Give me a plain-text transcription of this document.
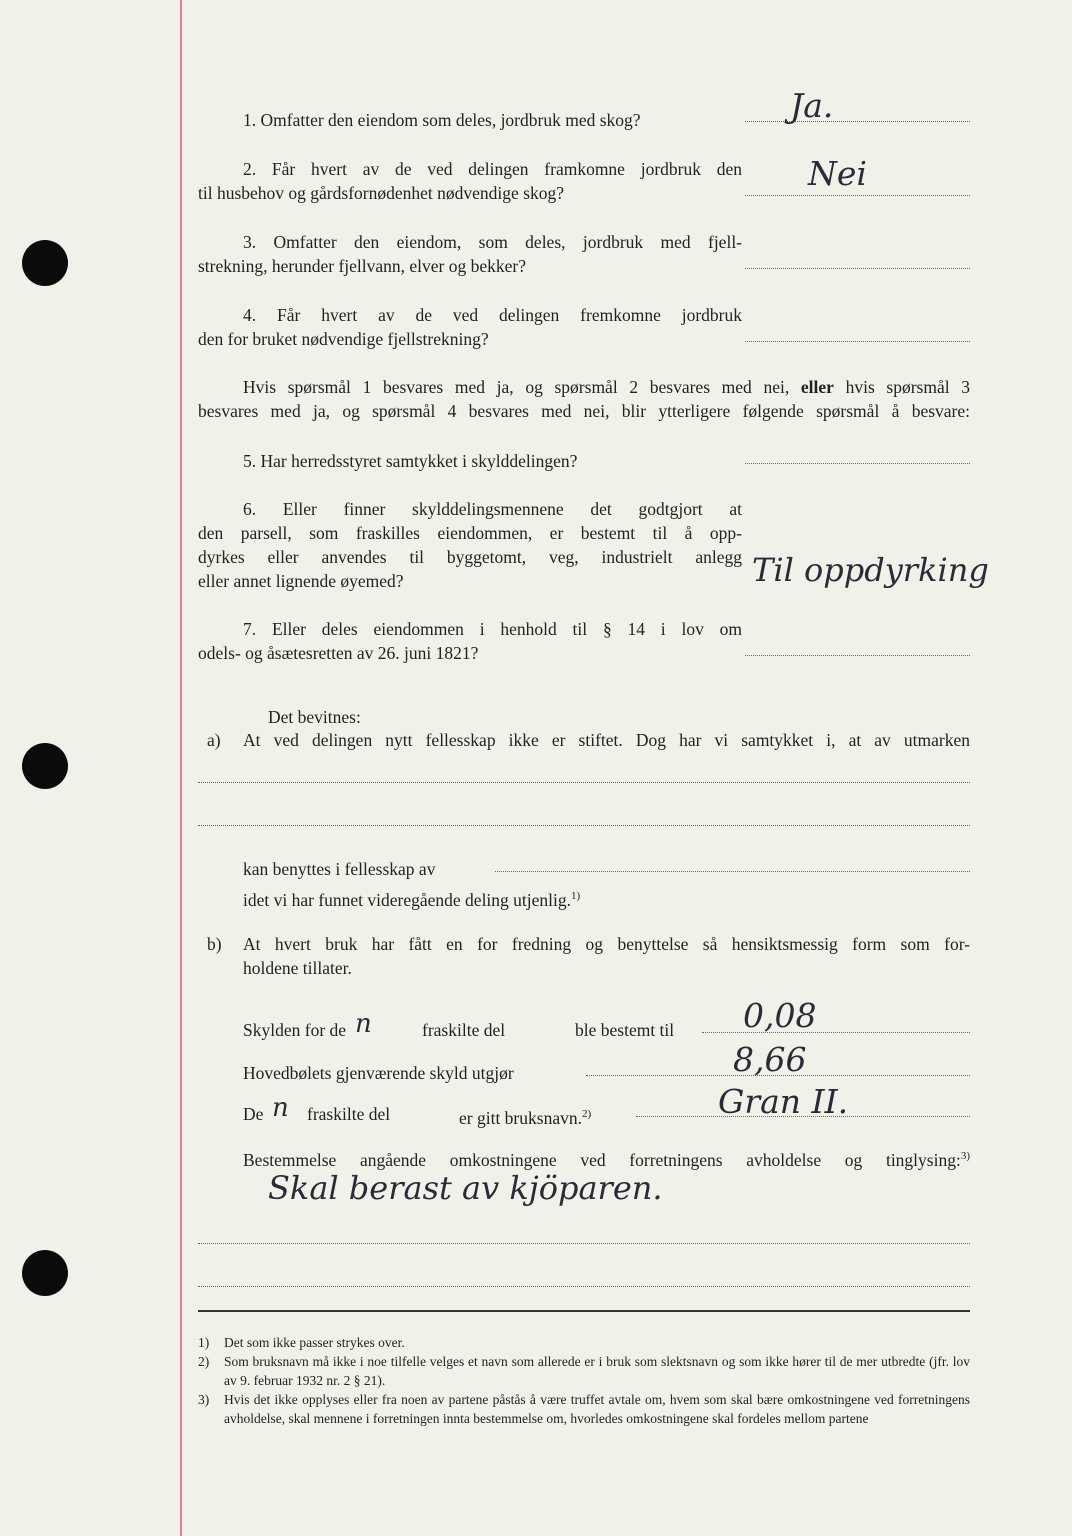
1. Omfatter den eiendom som deles, jordbruk med skog?	Ja.
2. Får hvert av de ved delingen framkomne jordbruk den
til husbehov og gårdsfornødenhet nødvendige skog?	Nei
3. Omfatter den eiendom, som deles, jordbruk med fjell-
strekning, herunder fjellvann, elver og bekker?
4. Får hvert av de ved delingen fremkomne jordbruk
den for bruket nødvendige fjellstrekning?
Hvis spørsmål 1 besvares med ja, og spørsmål 2 besvares med nei, eller hvis spørsmål 3
besvares med ja, og spørsmål 4 besvares med nei, blir ytterligere følgende spørsmål å besvare:
5. Har herredsstyret samtykket i skylddelingen?
6. Eller finner skylddelingsmennene det godtgjort at
den parsell, som fraskilles eiendommen, er bestemt til å opp-
dyrkes eller anvendes til byggetomt, veg, industrielt anlegg
eller annet lignende øyemed?	Til oppdyrking
7. Eller deles eiendommen i henhold til § 14 i lov om
odels- og åsætesretten av 26. juni 1821?
Det bevitnes:
a) At ved delingen nytt fellesskap ikke er stiftet. Dog har vi samtykket i, at av utmarken
kan benyttes i fellesskap av
idet vi har funnet videregående deling utjenlig.$^{1)}$
b) At hvert bruk har fått en for fredning og benyttelse så hensiktsmessig form som for-
holdene tillater.
Skylden for de n	fraskilte del	ble bestemt til 0,08
Hovedbølets gjenværende skyld utgjør	8,66
De n fraskilte del	er gitt bruksnavn.$^{2)}$	Gran II.
Bestemmelse angående omkostningene ved forretningens avholdelse og tinglysing:$^{3)}$
Skal berast av kjöparen.
1) Det som ikke passer strykes over.
2) Som bruksnavn må ikke i noe tilfelle velges et navn som allerede er i bruk som slektsnavn og som ikke hører til de mer utbredte (jfr. lov av 9. februar 1932 nr. 2 § 21).
3) Hvis det ikke opplyses eller fra noen av partene påstås å være truffet avtale om, hvem som skal bære omkostningene ved forretningens avholdelse, skal mennene i forretningen innta bestemmelse om, hvorledes omkostningene skal fordeles mellom partene
